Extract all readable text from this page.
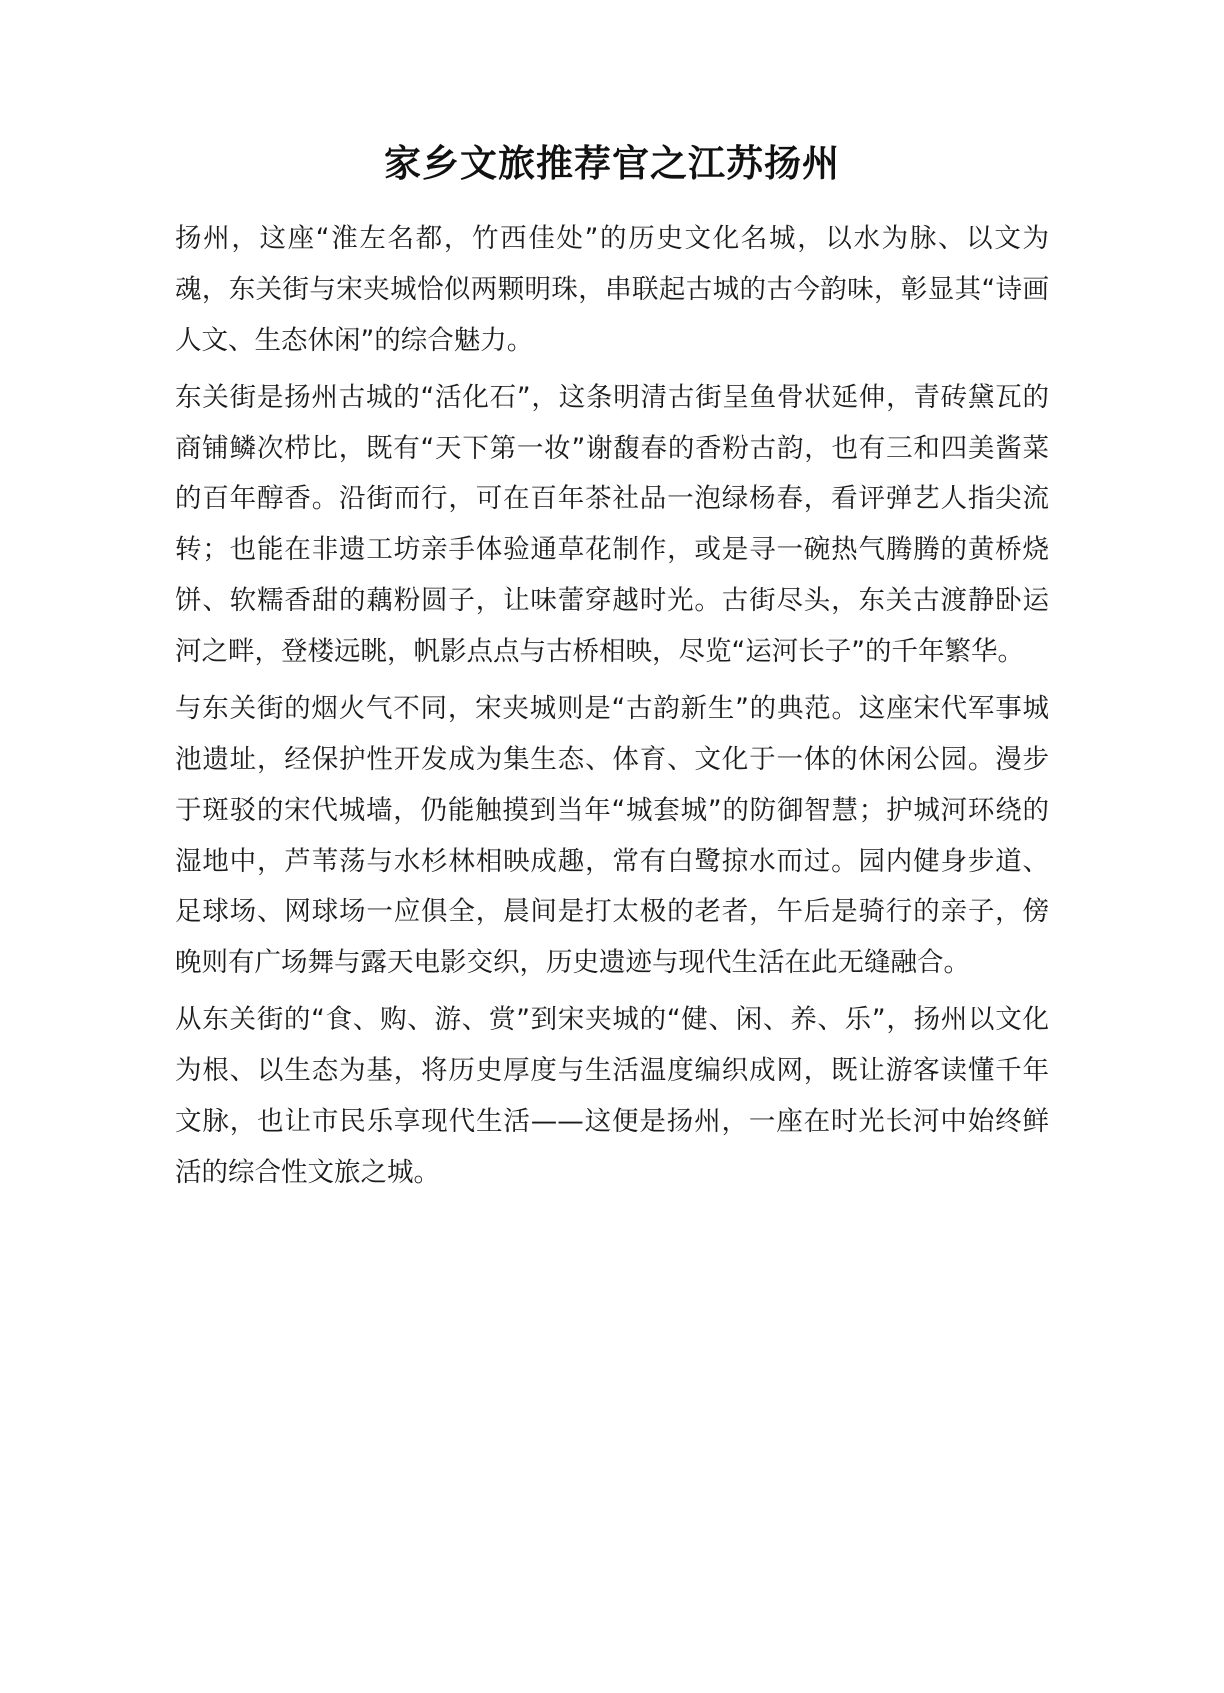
家乡文旅推荐官之江苏扬州

扬州，这座“淮左名都，竹西佳处”的历史文化名城，以水为脉、以文为魂，东关街与宋夹城恰似两颗明珠，串联起古城的古今韵味，彰显其“诗画人文、生态休闲”的综合魅力。

东关街是扬州古城的“活化石”，这条明清古街呈鱼骨状延伸，青砖黛瓦的商铺鳞次栉比，既有“天下第一妆”谢馥春的香粉古韵，也有三和四美酱菜的百年醇香。沿街而行，可在百年茶社品一泡绿杨春，看评弹艺人指尖流转；也能在非遗工坊亲手体验通草花制作，或是寻一碗热气腾腾的黄桥烧饼、软糯香甜的藕粉圆子，让味蕾穿越时光。古街尽头，东关古渡静卧运河之畔，登楼远眺，帆影点点与古桥相映，尽览“运河长子”的千年繁华。

与东关街的烟火气不同，宋夹城则是“古韵新生”的典范。这座宋代军事城池遗址，经保护性开发成为集生态、体育、文化于一体的休闲公园。漫步于斑驳的宋代城墙，仍能触摸到当年“城套城”的防御智慧；护城河环绕的湿地中，芦苇荡与水杉林相映成趣，常有白鹭掠水而过。园内健身步道、足球场、网球场一应俱全，晨间是打太极的老者，午后是骑行的亲子，傍晚则有广场舞与露天电影交织，历史遗迹与现代生活在此无缝融合。

从东关街的“食、购、游、赏”到宋夹城的“健、闲、养、乐”，扬州以文化为根、以生态为基，将历史厚度与生活温度编织成网，既让游客读懂千年文脉，也让市民乐享现代生活——这便是扬州，一座在时光长河中始终鲜活的综合性文旅之城。
